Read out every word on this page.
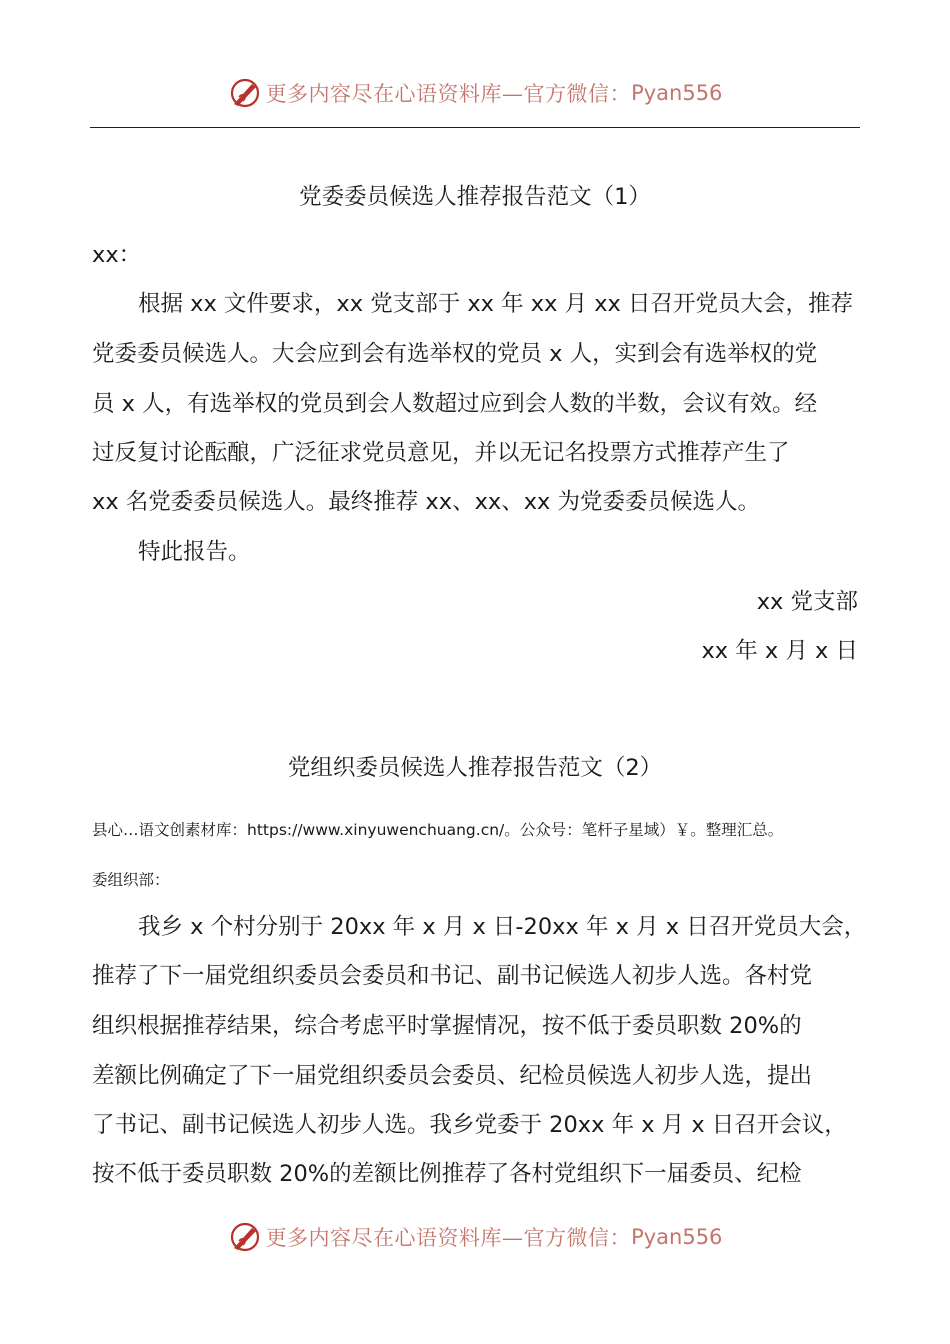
更多内容尽在心语资料库—官方微信： Pyan556
党委委员候选人推荐报告范文（1）
xx：
根据 xx 文件要求，xx 党支部于 xx 年 xx 月 xx 日召开党员大会，推荐
党委委员候选人。大会应到会有选举权的党员 x 人，实到会有选举权的党
员 x 人，有选举权的党员到会人数超过应到会人数的半数，会议有效。经
过反复讨论酝酿，广泛征求党员意见，并以无记名投票方式推荐产生了
xx 名党委委员候选人。最终推荐 xx、xx、xx 为党委委员候选人。
特此报告。
xx 党支部
xx 年 x 月 x 日
党组织委员候选人推荐报告范文（2）
县心…语文创素材库：https://www.xinyuwenchuang.cn/。公众号：笔杆子星域）￥。整理汇总。
委组织部：
我乡 x 个村分别于 20xx 年 x 月 x 日-20xx 年 x 月 x 日召开党员大会，
推荐了下一届党组织委员会委员和书记、副书记候选人初步人选。各村党
组织根据推荐结果，综合考虑平时掌握情况，按不低于委员职数 20%的
差额比例确定了下一届党组织委员会委员、纪检员候选人初步人选，提出
了书记、副书记候选人初步人选。我乡党委于 20xx 年 x 月 x 日召开会议，
按不低于委员职数 20%的差额比例推荐了各村党组织下一届委员、纪检
更多内容尽在心语资料库—官方微信： Pyan556
